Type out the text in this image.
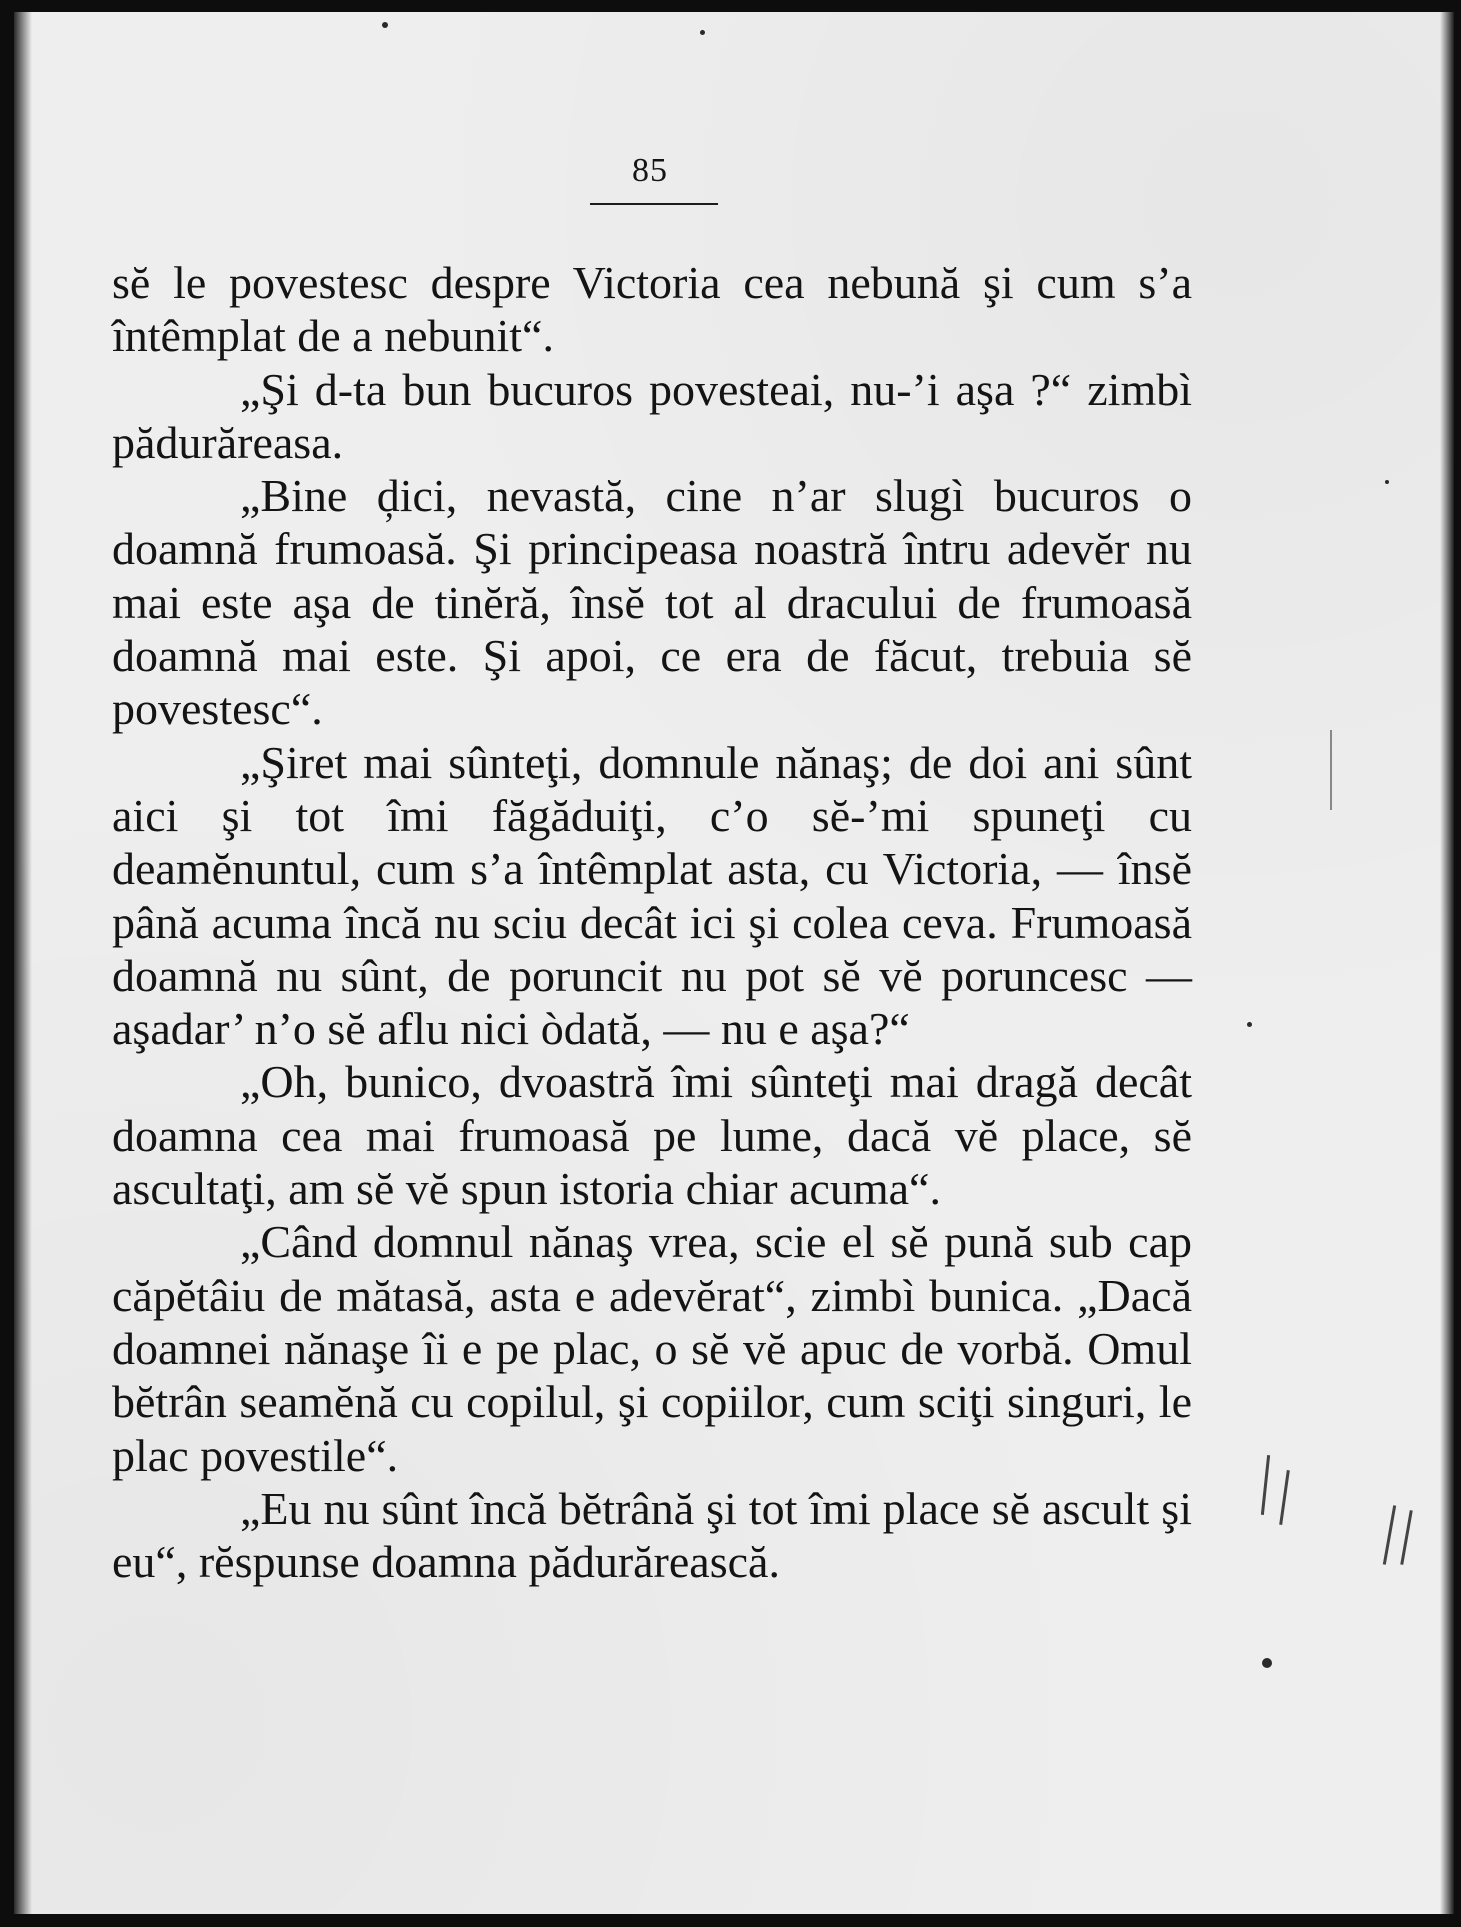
85

sĕ le povestesc despre Victoria cea nebună şi cum s’a întêmplat de a nebunit“.

„Şi d-ta bun bucuros povesteai, nu-’i aşa ?“ zimbì pădurăreasa.

„Bine ḑici, nevastă, cine n’ar slugì bucuros o doamnă frumoasă. Şi principeasa noastră întru adevĕr nu mai este aşa de tinĕră, însĕ tot al dracului de frumoasă doamnă mai este. Şi apoi, ce era de făcut, trebuia sĕ povestesc“.

„Şiret mai sûnteţi, domnule nănaş; de doi ani sûnt aici şi tot îmi făgăduiţi, c’o sĕ-’mi spuneţi cu deamĕnuntul, cum s’a întêmplat asta, cu Victoria, — însĕ până acuma încă nu sciu decât ici şi colea ceva. Frumoasă doamnă nu sûnt, de poruncit nu pot sĕ vĕ poruncesc — aşadar’ n’o sĕ aflu nici òdată, — nu e aşa?“

„Oh, bunico, dvoastră îmi sûnteţi mai dragă decât doamna cea mai frumoasă pe lume, dacă vĕ place, sĕ ascultaţi, am sĕ vĕ spun istoria chiar acuma“.

„Când domnul nănaş vrea, scie el sĕ pună sub cap căpĕtâiu de mătasă, asta e adevĕrat“, zimbì bunica. „Dacă doamnei nănaşe îi e pe plac, o sĕ vĕ apuc de vorbă. Omul bĕtrân seamĕnă cu copilul, şi copiilor, cum sciţi singuri, le plac povestile“.

„Eu nu sûnt încă bĕtrână şi tot îmi place sĕ ascult şi eu“, rĕspunse doamna pădurărească.
